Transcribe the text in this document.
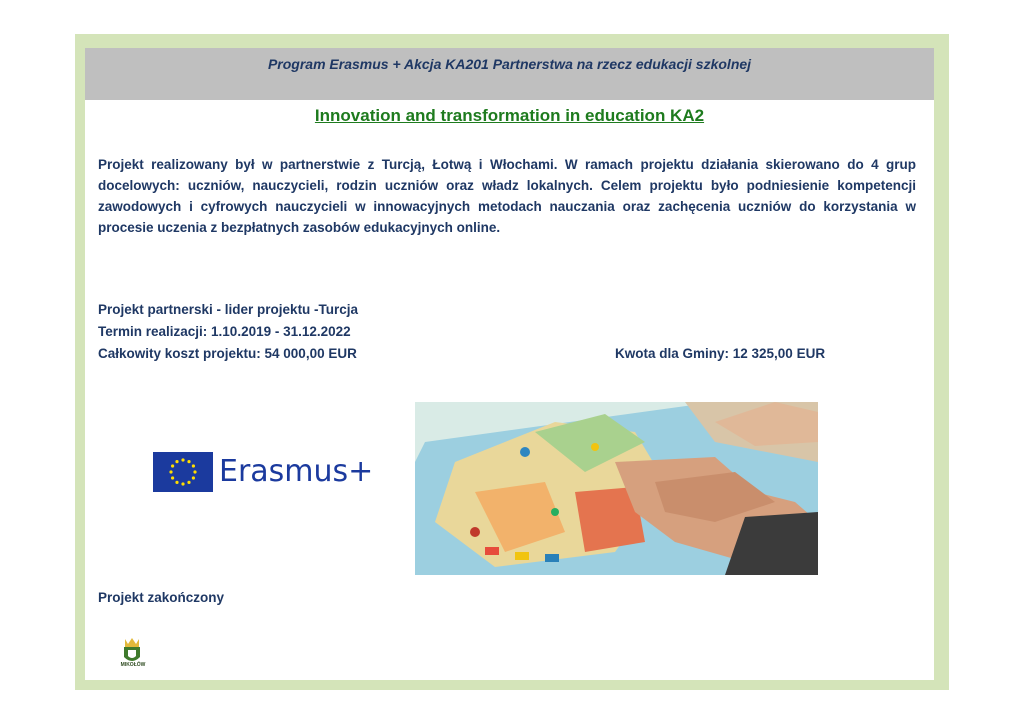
Program Erasmus + Akcja KA201 Partnerstwa na rzecz edukacji szkolnej
Innovation and transformation in education KA2
Projekt realizowany był w partnerstwie z Turcją, Łotwą i Włochami. W ramach projektu działania skierowano do 4 grup docelowych: uczniów, nauczycieli, rodzin uczniów oraz władz lokalnych. Celem projektu było podniesienie kompetencji zawodowych i cyfrowych nauczycieli w innowacyjnych metodach nauczania oraz zachęcenia uczniów do korzystania w procesie uczenia z bezpłatnych zasobów edukacyjnych online.
Projekt partnerski - lider projektu -Turcja
Termin realizacji: 1.10.2019 - 31.12.2022
Całkowity koszt projektu: 54 000,00 EUR	Kwota dla Gminy: 12 325,00 EUR
Erasmus+
Projekt zakończony
MIKOŁÓW
